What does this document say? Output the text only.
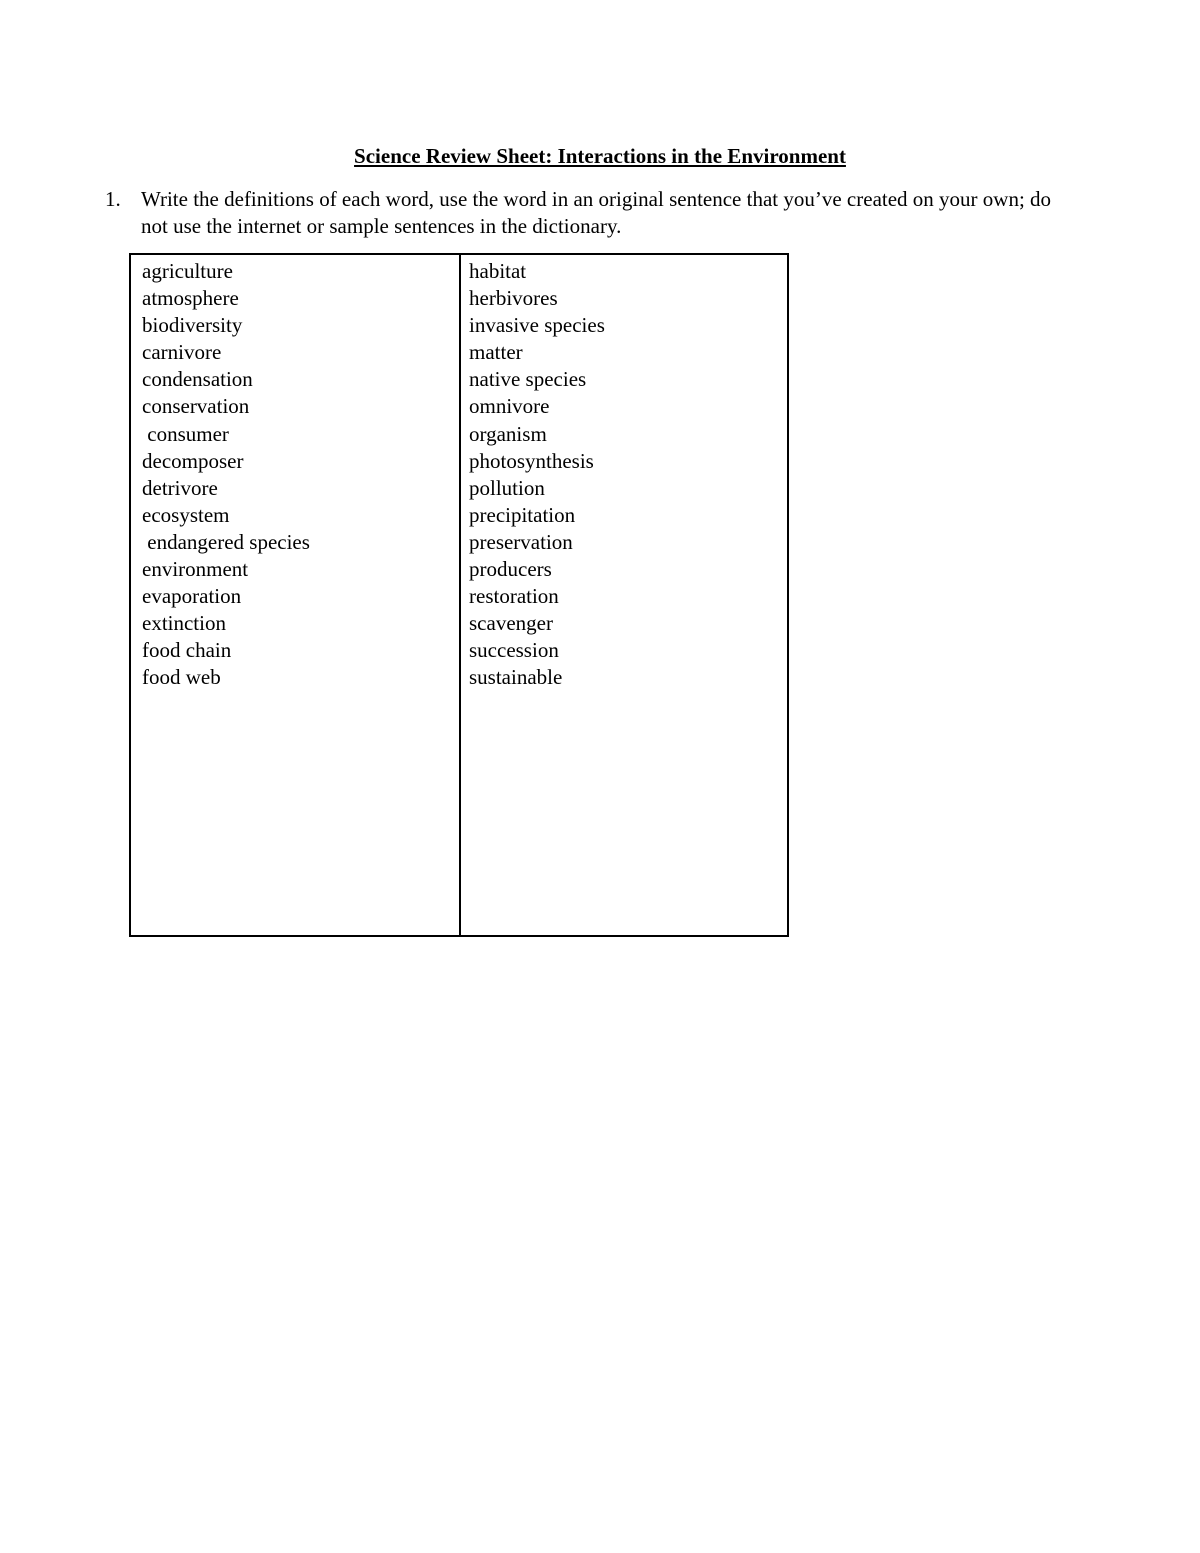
Science Review Sheet: Interactions in the Environment
1. Write the definitions of each word, use the word in an original sentence that you’ve created on your own; do not use the internet or sample sentences in the dictionary.
agriculture
atmosphere
biodiversity
carnivore
condensation
conservation
consumer
decomposer
detrivore
ecosystem
endangered species
environment
evaporation
extinction
food chain
food web
habitat
herbivores
invasive species
matter
native species
omnivore
organism
photosynthesis
pollution
precipitation
preservation
producers
restoration
scavenger
succession
sustainable
